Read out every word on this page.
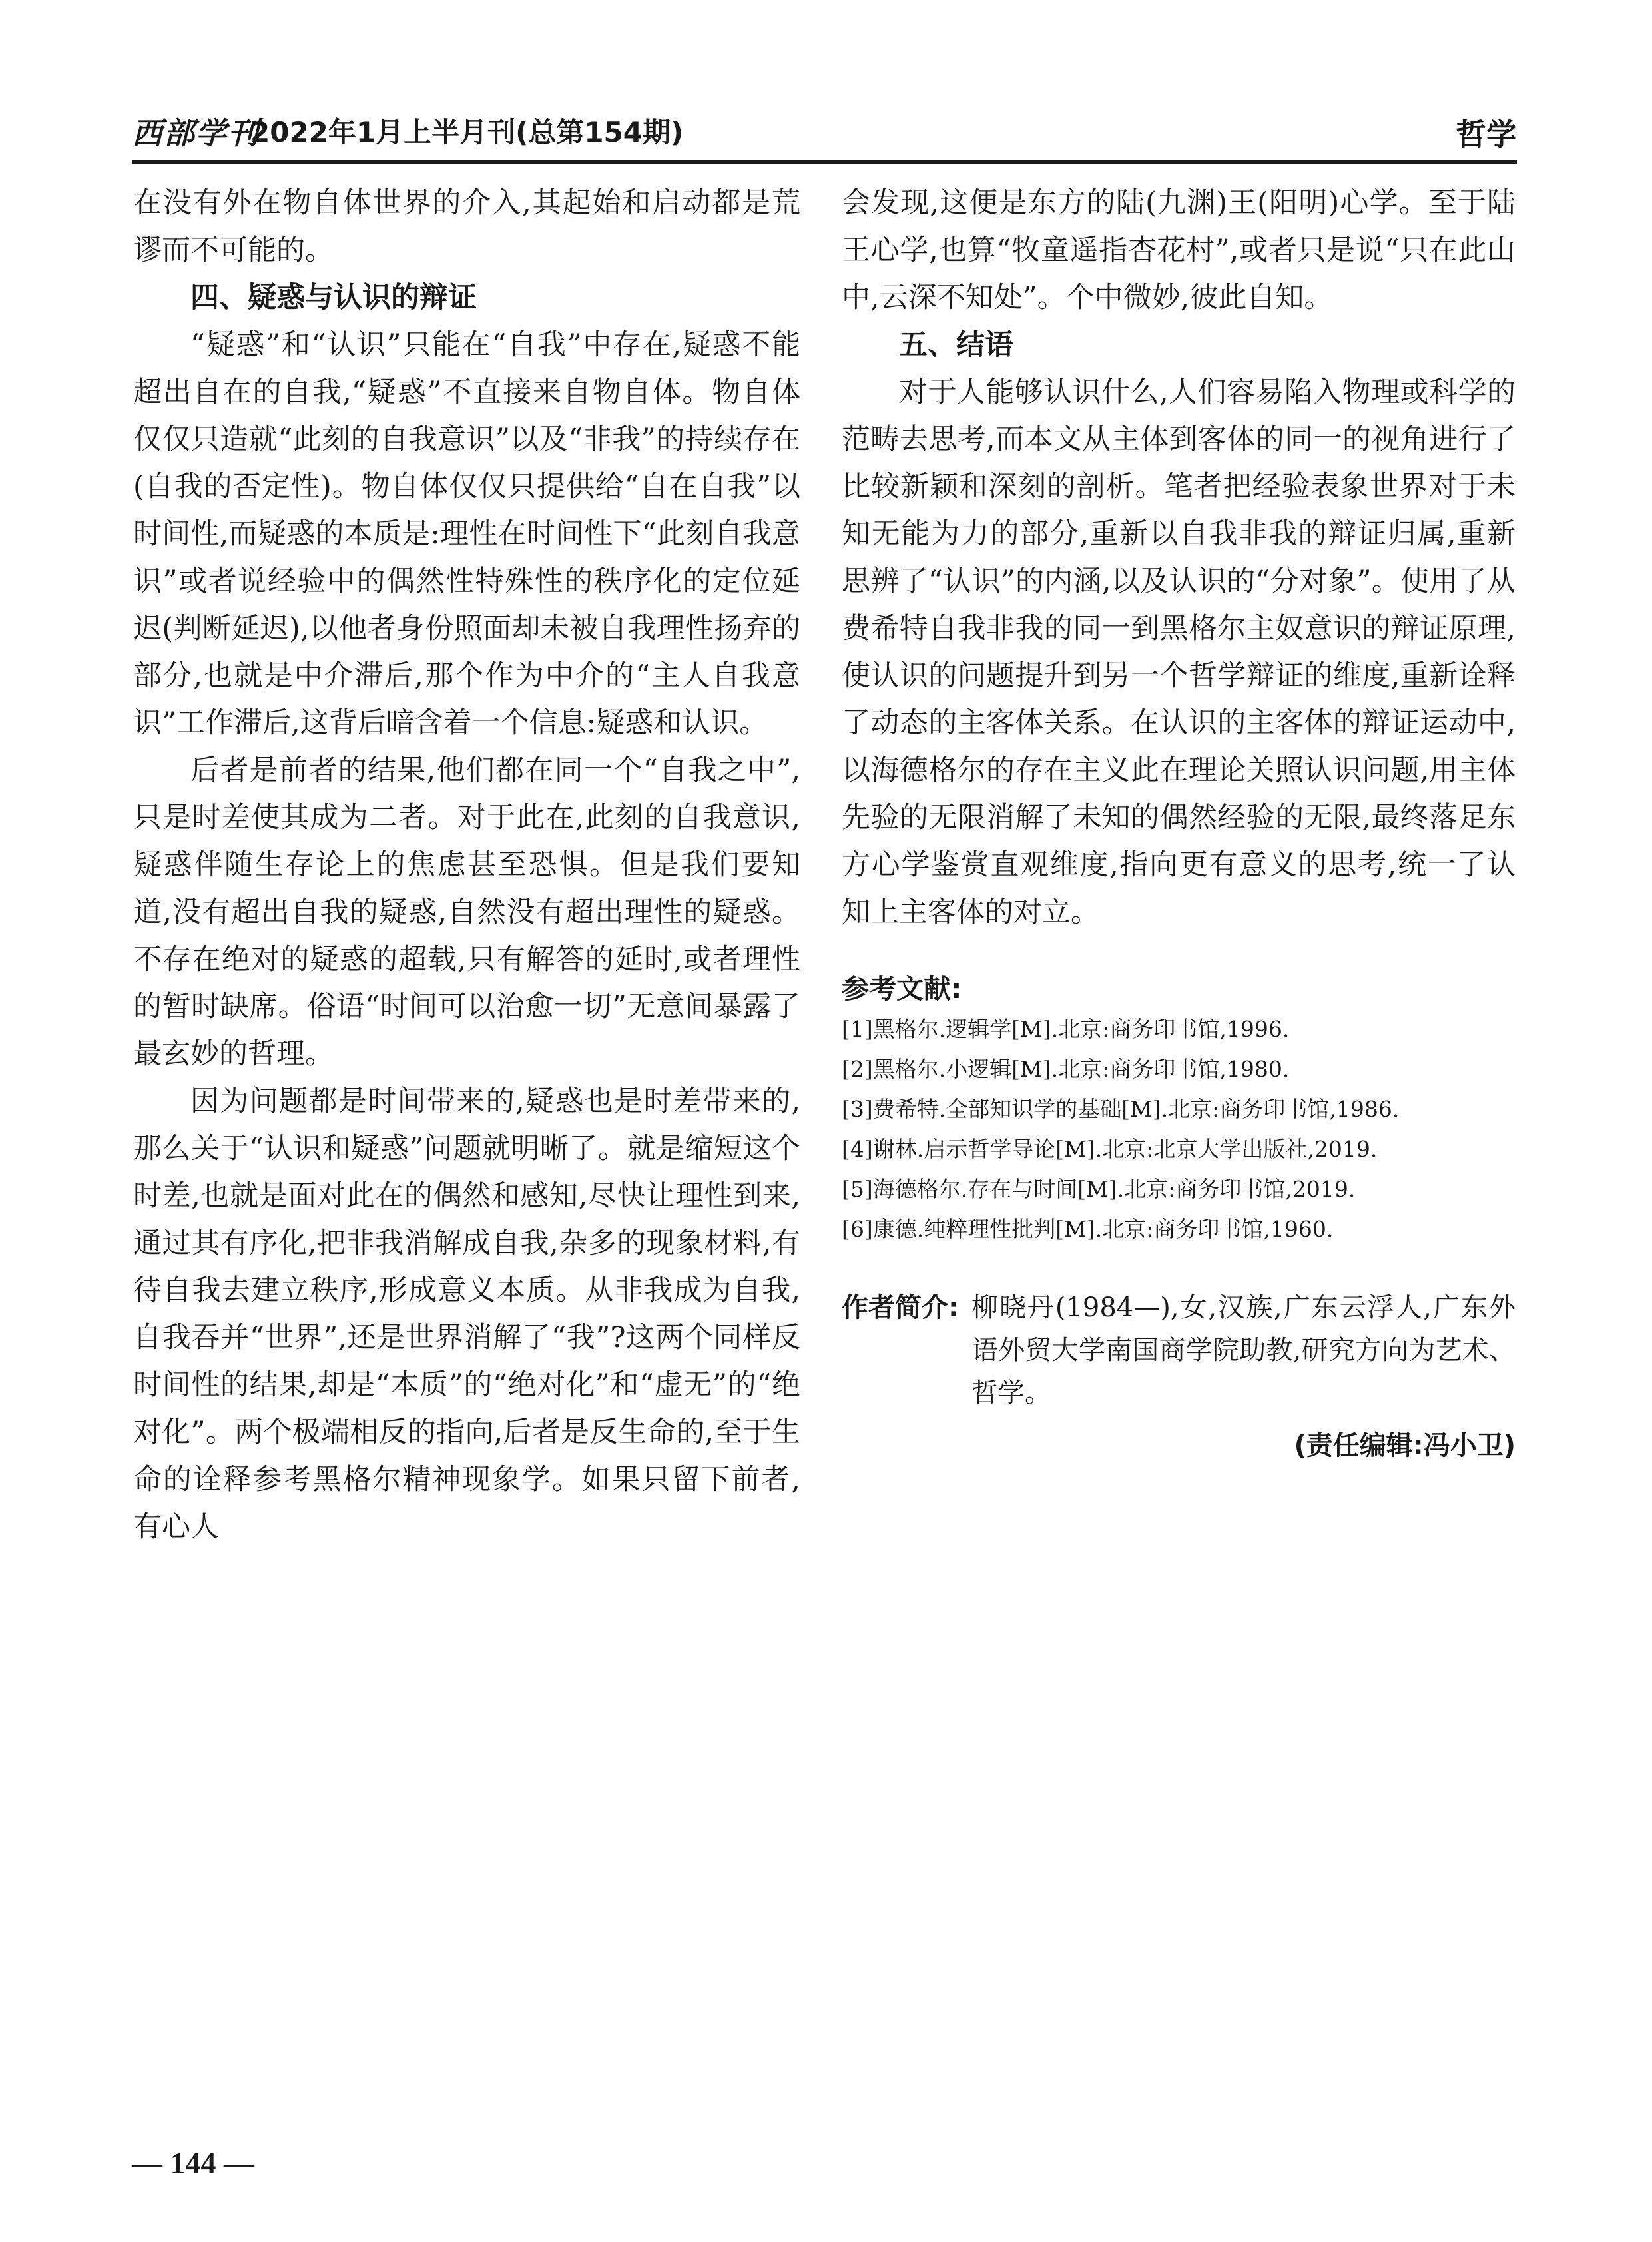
西部学刊
2022年1月上半月刊(总第154期)	哲学

在没有外在物自体世界的介入,其起始和启动都是荒谬而不可能的。

四、疑惑与认识的辩证

“疑惑”和“认识”只能在“自我”中存在,疑惑不能超出自在的自我,“疑惑”不直接来自物自体。物自体仅仅只造就“此刻的自我意识”以及“非我”的持续存在(自我的否定性)。物自体仅仅只提供给“自在自我”以时间性,而疑惑的本质是:理性在时间性下“此刻自我意识”或者说经验中的偶然性特殊性的秩序化的定位延迟(判断延迟),以他者身份照面却未被自我理性扬弃的部分,也就是中介滞后,那个作为中介的“主人自我意识”工作滞后,这背后暗含着一个信息:疑惑和认识。

后者是前者的结果,他们都在同一个“自我之中”,只是时差使其成为二者。对于此在,此刻的自我意识,疑惑伴随生存论上的焦虑甚至恐惧。但是我们要知道,没有超出自我的疑惑,自然没有超出理性的疑惑。不存在绝对的疑惑的超载,只有解答的延时,或者理性的暂时缺席。俗语“时间可以治愈一切”无意间暴露了最玄妙的哲理。

因为问题都是时间带来的,疑惑也是时差带来的,那么关于“认识和疑惑”问题就明晰了。就是缩短这个时差,也就是面对此在的偶然和感知,尽快让理性到来,通过其有序化,把非我消解成自我,杂多的现象材料,有待自我去建立秩序,形成意义本质。从非我成为自我,自我吞并“世界”,还是世界消解了“我”?这两个同样反时间性的结果,却是“本质”的“绝对化”和“虚无”的“绝对化”。两个极端相反的指向,后者是反生命的,至于生命的诠释参考黑格尔精神现象学。如果只留下前者,有心人

会发现,这便是东方的陆(九渊)王(阳明)心学。至于陆王心学,也算“牧童遥指杏花村”,或者只是说“只在此山中,云深不知处”。个中微妙,彼此自知。

五、结语

对于人能够认识什么,人们容易陷入物理或科学的范畴去思考,而本文从主体到客体的同一的视角进行了比较新颖和深刻的剖析。笔者把经验表象世界对于未知无能为力的部分,重新以自我非我的辩证归属,重新思辨了“认识”的内涵,以及认识的“分对象”。使用了从费希特自我非我的同一到黑格尔主奴意识的辩证原理,使认识的问题提升到另一个哲学辩证的维度,重新诠释了动态的主客体关系。在认识的主客体的辩证运动中,以海德格尔的存在主义此在理论关照认识问题,用主体先验的无限消解了未知的偶然经验的无限,最终落足东方心学鉴赏直观维度,指向更有意义的思考,统一了认知上主客体的对立。

参考文献:
[1]黑格尔.逻辑学[M].北京:商务印书馆,1996.
[2]黑格尔.小逻辑[M].北京:商务印书馆,1980.
[3]费希特.全部知识学的基础[M].北京:商务印书馆,1986.
[4]谢林.启示哲学导论[M].北京:北京大学出版社,2019.
[5]海德格尔.存在与时间[M].北京:商务印书馆,2019.
[6]康德.纯粹理性批判[M].北京:商务印书馆,1960.
作者简介: 柳晓丹(1984—),女,汉族,广东云浮人,广东外语外贸大学南国商学院助教,研究方向为艺术、哲学。
(责任编辑:冯小卫)
— 144 —
